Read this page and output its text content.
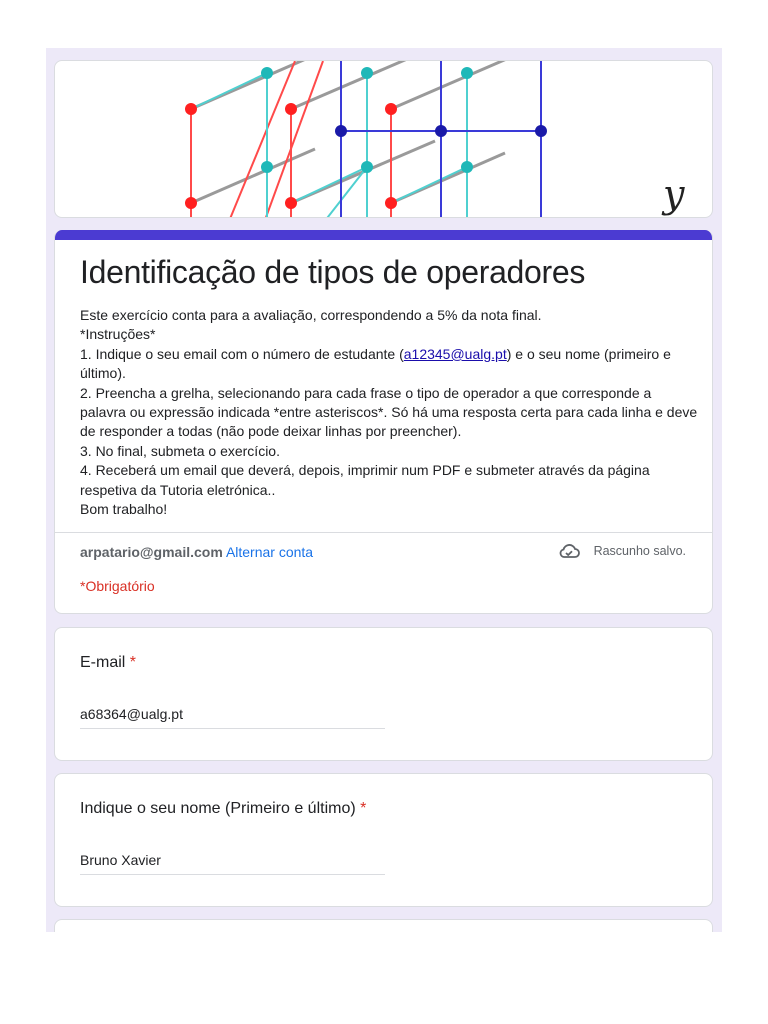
y
Identificação de tipos de operadores

Este exercício conta para a avaliação, correspondendo a 5% da nota final.

*Instruções*

1. Indique o seu email com o número de estudante (a12345@ualg.pt) e o seu nome (primeiro e último).

2. Preencha a grelha, selecionando para cada frase o tipo de operador a que corresponde a palavra ou expressão indicada *entre asteriscos*. Só há uma resposta certa para cada linha e deve de responder a todas (não pode deixar linhas por preencher).

3. No final, submeta o exercício.

4. Receberá um email que deverá, depois, imprimir num PDF e submeter através da página respetiva da Tutoria eletrónica..

Bom trabalho!

arpatario@gmail.com Alternar conta	Rascunho salvo.
*Obrigatório
E-mail *
a68364@ualg.pt
Indique o seu nome (Primeiro e último) *
Bruno Xavier
